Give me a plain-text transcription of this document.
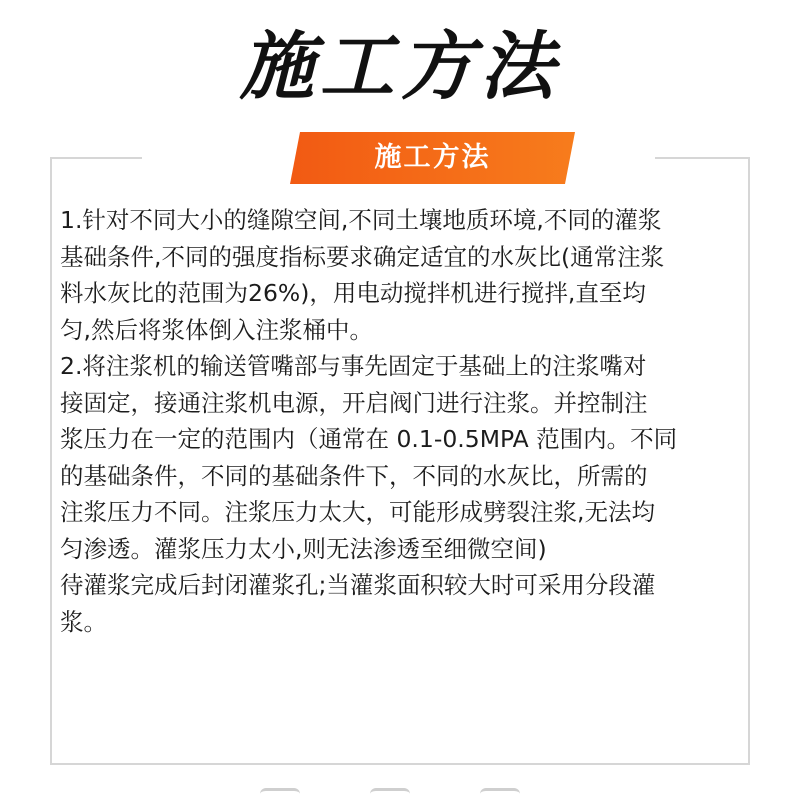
施工方法
施工方法
1.针对不同大小的缝隙空间,不同土壤地质环境,不同的灌浆
基础条件,不同的强度指标要求确定适宜的水灰比(通常注浆
料水灰比的范围为26%)，用电动搅拌机进行搅拌,直至均
匀,然后将浆体倒入注浆桶中。
2.将注浆机的输送管嘴部与事先固定于基础上的注浆嘴对
接固定，接通注浆机电源，开启阀门进行注浆。并控制注
浆压力在一定的范围内（通常在 0.1-0.5MPA 范围内。不同
的基础条件，不同的基础条件下，不同的水灰比，所需的
注浆压力不同。注浆压力太大，可能形成劈裂注浆,无法均
匀渗透。灌浆压力太小,则无法渗透至细微空间)
待灌浆完成后封闭灌浆孔;当灌浆面积较大时可采用分段灌
浆。
